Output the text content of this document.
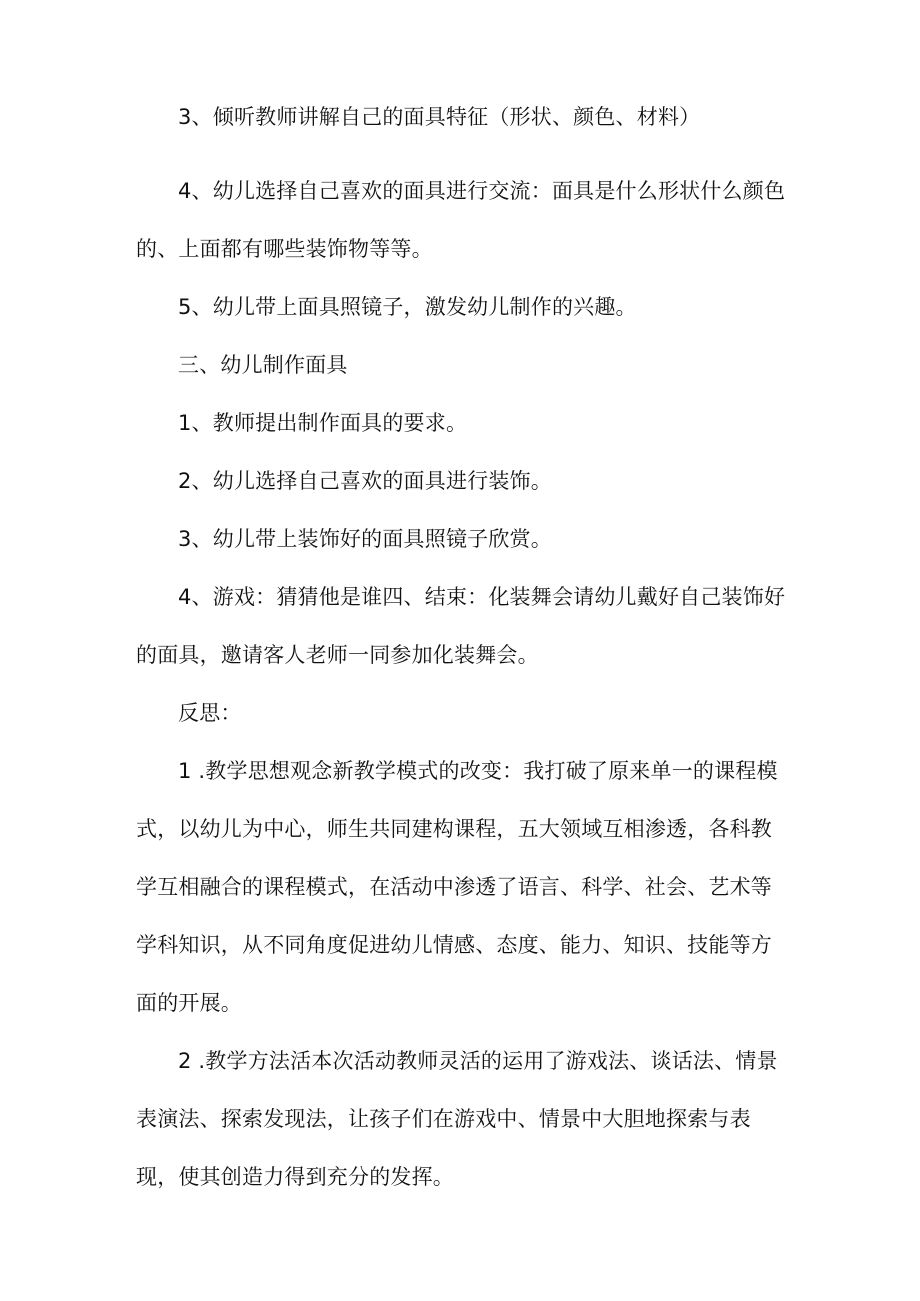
3、倾听教师讲解自己的面具特征（形状、颜色、材料）

4、幼儿选择自己喜欢的面具进行交流：面具是什么形状什么颜色的、上面都有哪些装饰物等等。

5、幼儿带上面具照镜子，激发幼儿制作的兴趣。

三、幼儿制作面具

1、教师提出制作面具的要求。

2、幼儿选择自己喜欢的面具进行装饰。

3、幼儿带上装饰好的面具照镜子欣赏。

4、游戏：猜猜他是谁四、结束：化装舞会请幼儿戴好自己装饰好的面具，邀请客人老师一同参加化装舞会。

反思：

1 .教学思想观念新教学模式的改变：我打破了原来单一的课程模式，以幼儿为中心，师生共同建构课程，五大领域互相渗透，各科教学互相融合的课程模式，在活动中渗透了语言、科学、社会、艺术等学科知识，从不同角度促进幼儿情感、态度、能力、知识、技能等方面的开展。

2 .教学方法活本次活动教师灵活的运用了游戏法、谈话法、情景表演法、探索发现法，让孩子们在游戏中、情景中大胆地探索与表现，使其创造力得到充分的发挥。
